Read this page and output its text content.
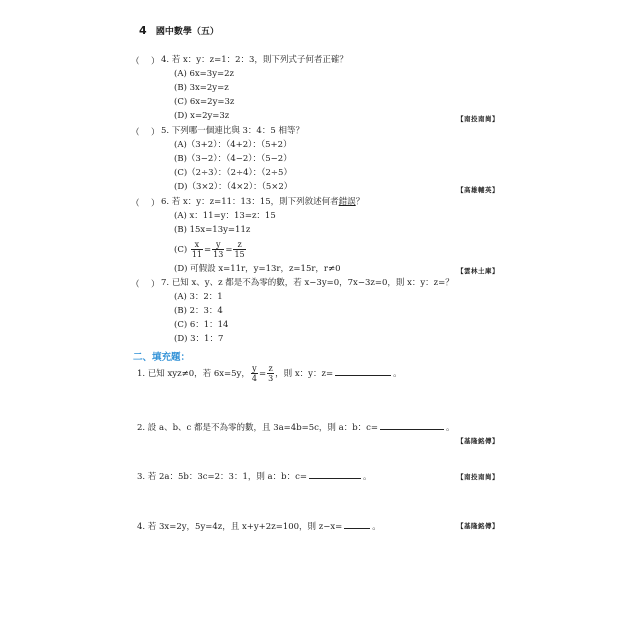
4 國中數學（五）
（ ） 4. 若 x：y：z=1：2：3，則下列式子何者正確？
(A) 6x=3y=2z
(B) 3x=2y=z
(C) 6x=2y=3z
(D) x=2y=3z	【南投南崗】
（ ） 5. 下列哪一個連比與 3：4：5 相等？
(A)（3+2）：（4+2）：（5+2）
(B)（3−2）：（4−2）：（5−2）
(C)（2÷3）：（2÷4）：（2÷5）
(D)（3×2）：（4×2）：（5×2）	【高雄輔英】
（ ） 6. 若 x：y：z=11：13：15，則下列敘述何者錯誤？
(A) x：11=y：13=z：15
(B) 15x=13y=11z
$(C) \frac{x}{11} = \frac{y}{13} = \frac{z}{15}$
(D) 可假設 x=11r，y=13r，z=15r，r≠0	【雲林土庫】
（ ） 7. 已知 x、y、z 都是不為零的數，若 x−3y=0，7x−3z=0，則 x：y：z=？
(A) 3：2：1
(B) 2：3：4
(C) 6：1：14
(D) 3：1：7
二、填充題：
1. 已知 xyz≠0，若 6x=5y， $\frac{y}{4} = \frac{z}{3}$ ，則 x：y：z=	。
2. 設 a、b、c 都是不為零的數，且 3a=4b=5c，則 a：b：c=	。
【基隆銘傳】
3. 若 2a：5b：3c=2：3：1，則 a：b：c=	。	【南投南崗】
4. 若 3x=2y，5y=4z，且 x+y+2z=100，則 z−x=	。	【基隆銘傳】
